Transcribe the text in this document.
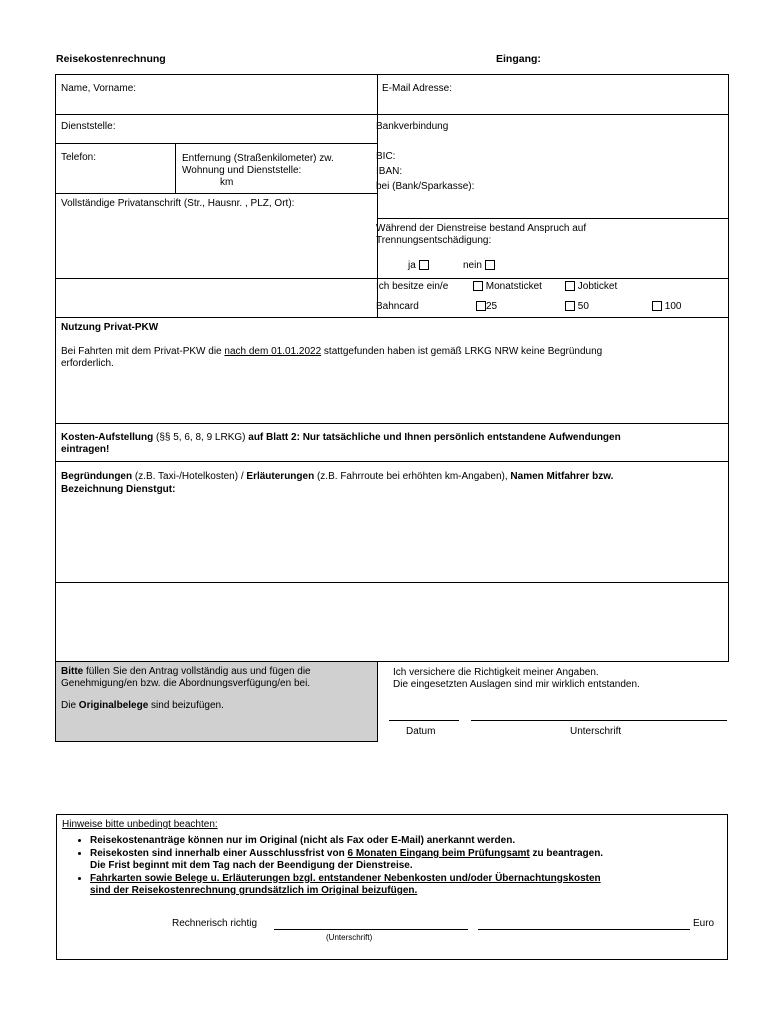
Reisekostenrechnung	Eingang:
Name, Vorname:	E-Mail Adresse:
Dienststelle:	Bankverbindung
Telefon:	Entfernung (Straßenkilometer) zw.
Wohnung und Dienststelle:
km
BIC:
IBAN:
bei (Bank/Sparkasse):
Vollständige Privatanschrift (Str., Hausnr. , PLZ, Ort):
Während der Dienstreise bestand Anspruch auf
Trennungsentschädigung:
ja	nein
Ich besitze ein/e	Monatsticket	Jobticket
Bahncard	25	50	100
Nutzung Privat-PKW
Bei Fahrten mit dem Privat-PKW die nach dem 01.01.2022 stattgefunden haben ist gemäß LRKG NRW keine Begründung
erforderlich.
Kosten-Aufstellung (§§ 5, 6, 8, 9 LRKG) auf Blatt 2: Nur tatsächliche und Ihnen persönlich entstandene Aufwendungen
eintragen!
Begründungen (z.B. Taxi-/Hotelkosten) / Erläuterungen (z.B. Fahrroute bei erhöhten km-Angaben), Namen Mitfahrer bzw.
Bezeichnung Dienstgut:
Bitte füllen Sie den Antrag vollständig aus und fügen die
Genehmigung/en bzw. die Abordnungsverfügung/en bei.

Die Originalbelege sind beizufügen.
Ich versichere die Richtigkeit meiner Angaben.
Die eingesetzten Auslagen sind mir wirklich entstanden.
Datum	Unterschrift
Hinweise bitte unbedingt beachten:
• Reisekostenanträge können nur im Original (nicht als Fax oder E-Mail) anerkannt werden.
• Reisekosten sind innerhalb einer Ausschlussfrist von 6 Monaten Eingang beim Prüfungsamt zu beantragen.
Die Frist beginnt mit dem Tag nach der Beendigung der Dienstreise.
• Fahrkarten sowie Belege u. Erläuterungen bzgl. entstandener Nebenkosten und/oder Übernachtungskosten
sind der Reisekostenrechnung grundsätzlich im Original beizufügen.
Rechnerisch richtig	Euro
(Unterschrift)
